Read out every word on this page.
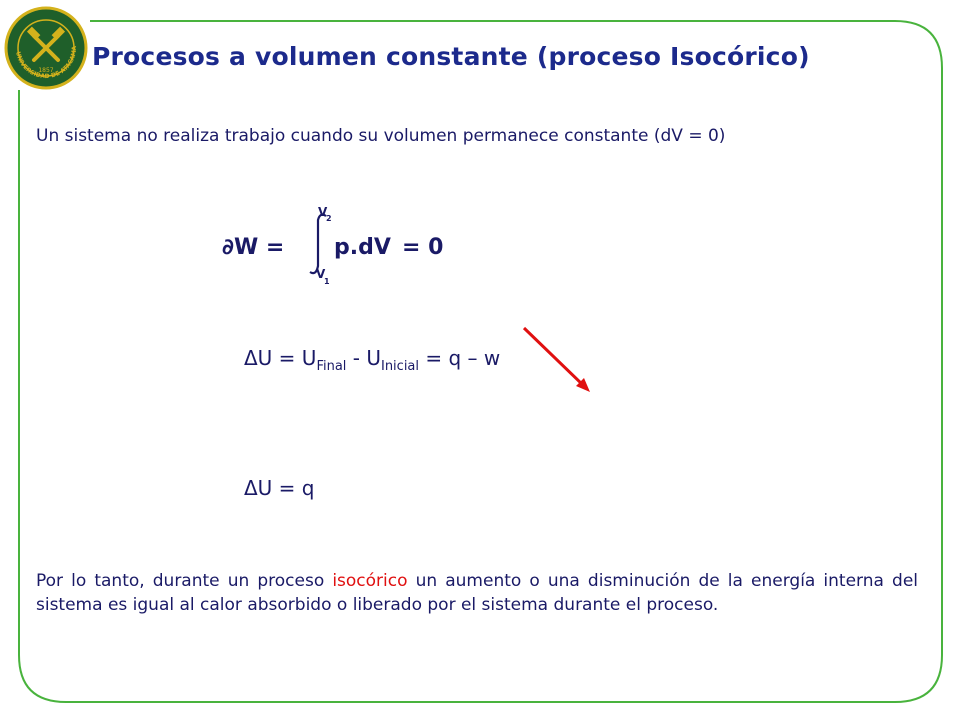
UNIVERSIDAD DE ATACAMA
1857 Procesos a volumen constante (proceso Isocórico)
Un sistema no realiza trabajo cuando su volumen permanece constante (dV = 0)
∂W =
V
2
V
1
p.dV = 0
$\Delta U = U_{Final} - U_{Inicial} = q - w$
ΔU = q
Por lo tanto, durante un proceso isocórico un aumento o una disminución de la energía interna del sistema es igual al calor absorbido o liberado por el sistema durante el proceso.
